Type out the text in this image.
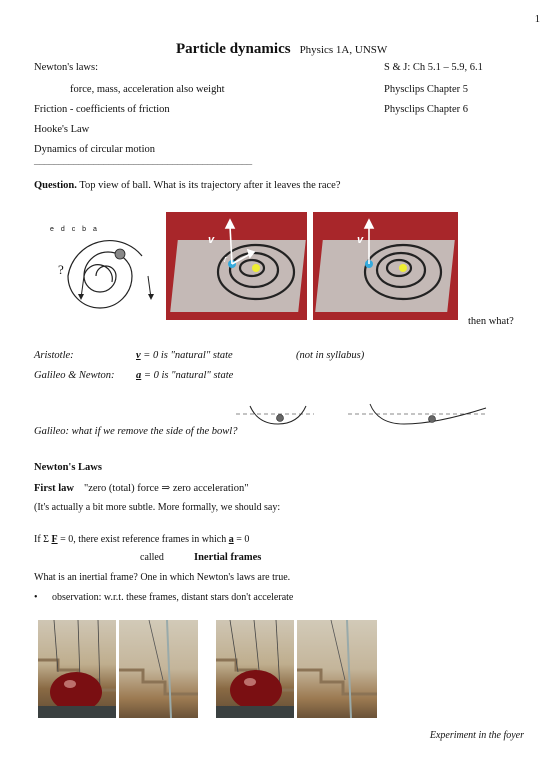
1
Particle dynamics Physics 1A, UNSW
Newton's laws:	S & J: Ch 5.1 – 5.9, 6.1
force, mass, acceleration also weight	Physclips Chapter 5
Friction - coefficients of friction	Physclips Chapter 6
Hooke's Law
Dynamics of circular motion
____________________________________________
Question. Top view of ball. What is its trajectory after it leaves the race?
e d c b a
?
v
r
v
then what?
Aristotle:	v = 0 is "natural" state	(not in syllabus)
Galileo & Newton: a = 0 is "natural" state
Galileo: what if we remove the side of the bowl?
Newton's Laws
First law "zero (total) force ⇒ zero acceleration"
(It's actually a bit more subtle. More formally, we should say:
If Σ F = 0, there exist reference frames in which a = 0
called	Inertial frames
What is an inertial frame? One in which Newton's laws are true.
• observation: w.r.t. these frames, distant stars don't accelerate
Experiment in the foyer
